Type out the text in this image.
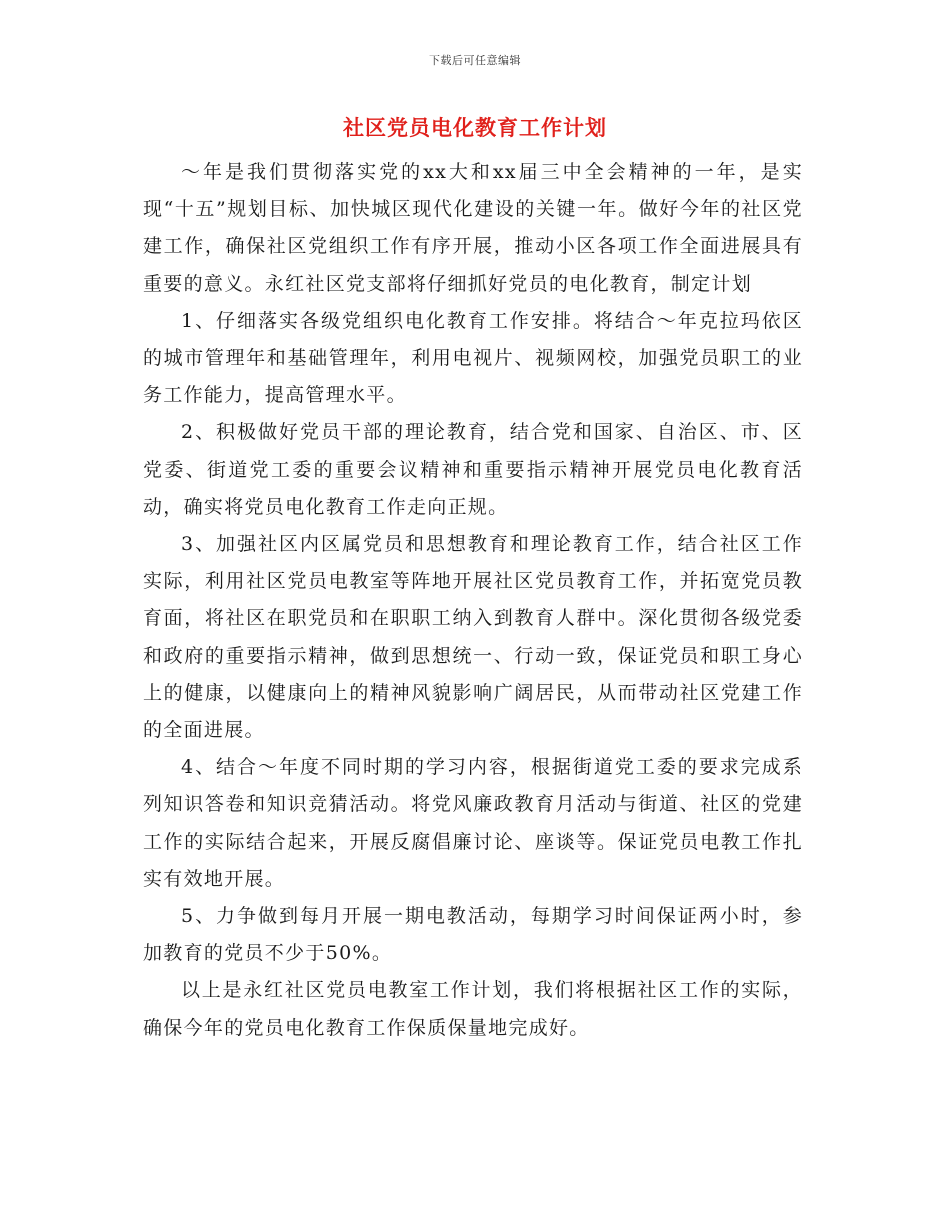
下载后可任意编辑
社区党员电化教育工作计划

～年是我们贯彻落实党的xx大和xx届三中全会精神的一年，是实现“十五”规划目标、加快城区现代化建设的关键一年。做好今年的社区党建工作，确保社区党组织工作有序开展，推动小区各项工作全面进展具有重要的意义。永红社区党支部将仔细抓好党员的电化教育，制定计划

1、仔细落实各级党组织电化教育工作安排。将结合～年克拉玛依区的城市管理年和基础管理年，利用电视片、视频网校，加强党员职工的业务工作能力，提高管理水平。

2、积极做好党员干部的理论教育，结合党和国家、自治区、市、区党委、街道党工委的重要会议精神和重要指示精神开展党员电化教育活动，确实将党员电化教育工作走向正规。

3、加强社区内区属党员和思想教育和理论教育工作，结合社区工作实际，利用社区党员电教室等阵地开展社区党员教育工作，并拓宽党员教育面，将社区在职党员和在职职工纳入到教育人群中。深化贯彻各级党委和政府的重要指示精神，做到思想统一、行动一致，保证党员和职工身心上的健康，以健康向上的精神风貌影响广阔居民，从而带动社区党建工作的全面进展。

4、结合～年度不同时期的学习内容，根据街道党工委的要求完成系列知识答卷和知识竞猜活动。将党风廉政教育月活动与街道、社区的党建工作的实际结合起来，开展反腐倡廉讨论、座谈等。保证党员电教工作扎实有效地开展。

5、力争做到每月开展一期电教活动，每期学习时间保证两小时，参加教育的党员不少于50%。

以上是永红社区党员电教室工作计划，我们将根据社区工作的实际，确保今年的党员电化教育工作保质保量地完成好。
